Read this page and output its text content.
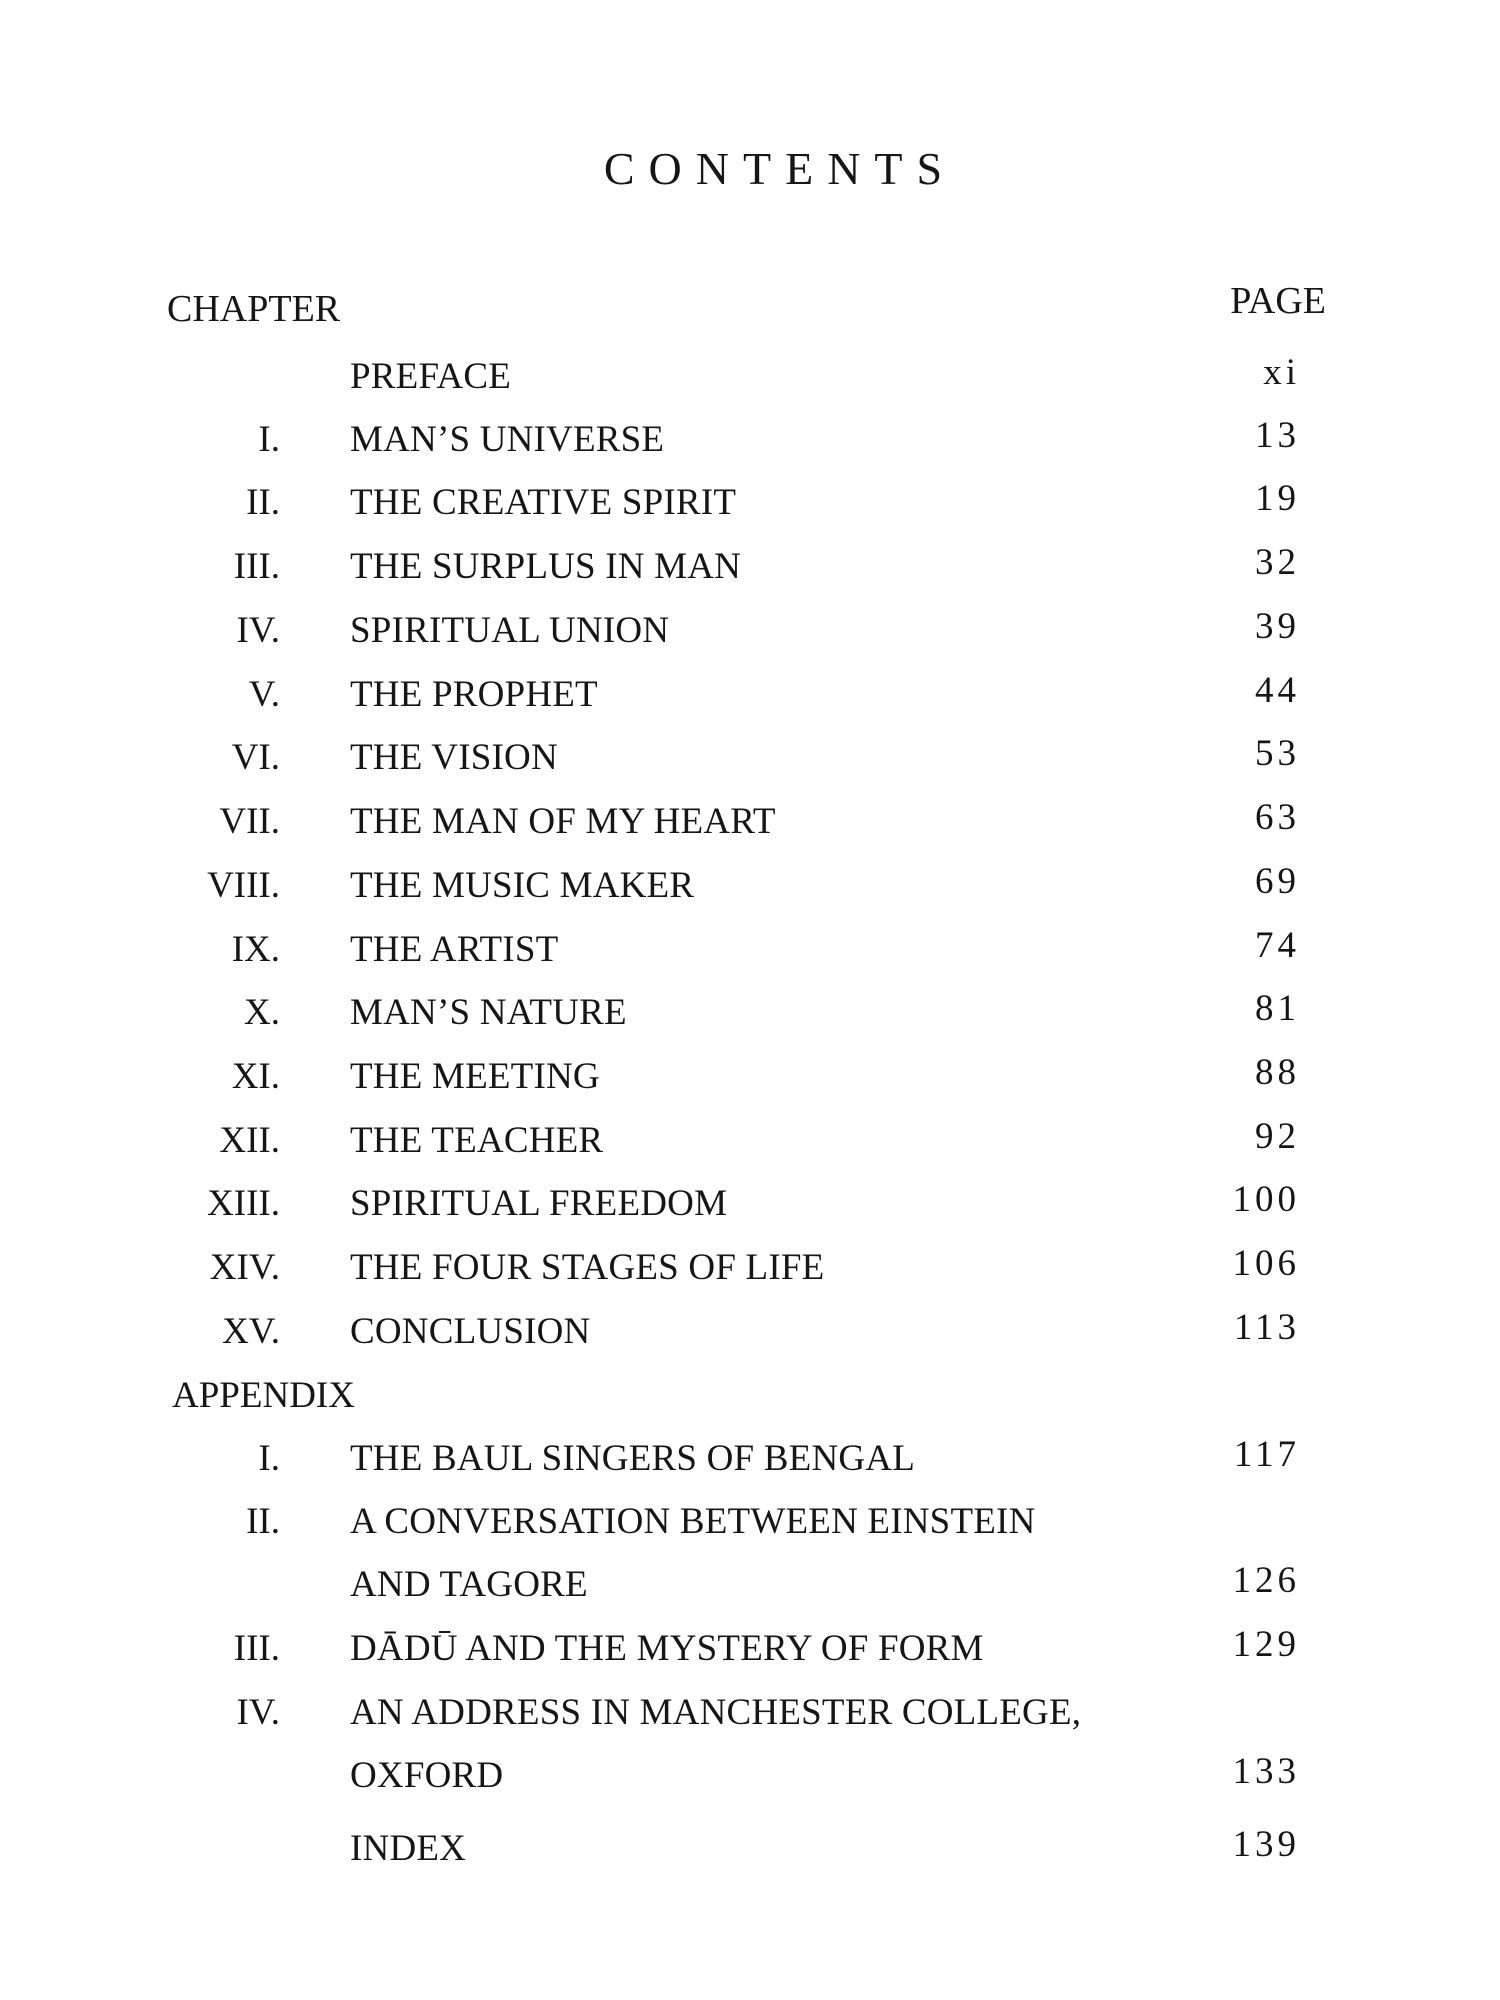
CONTENTS
CHAPTER	PAGE
PREFACE	xi
I. MAN’S UNIVERSE	13
II. THE CREATIVE SPIRIT	19
III. THE SURPLUS IN MAN	32
IV. SPIRITUAL UNION	39
V. THE PROPHET	44
VI. THE VISION	53
VII. THE MAN OF MY HEART	63
VIII. THE MUSIC MAKER	69
IX. THE ARTIST	74
X. MAN’S NATURE	81
XI. THE MEETING	88
XII. THE TEACHER	92
XIII. SPIRITUAL FREEDOM	100
XIV. THE FOUR STAGES OF LIFE	106
XV. CONCLUSION	113
APPENDIX
I. THE BAUL SINGERS OF BENGAL	117
II. A CONVERSATION BETWEEN EINSTEIN
AND TAGORE	126
III. DĀDŪ AND THE MYSTERY OF FORM	129
IV. AN ADDRESS IN MANCHESTER COLLEGE,
OXFORD	133
INDEX	139
